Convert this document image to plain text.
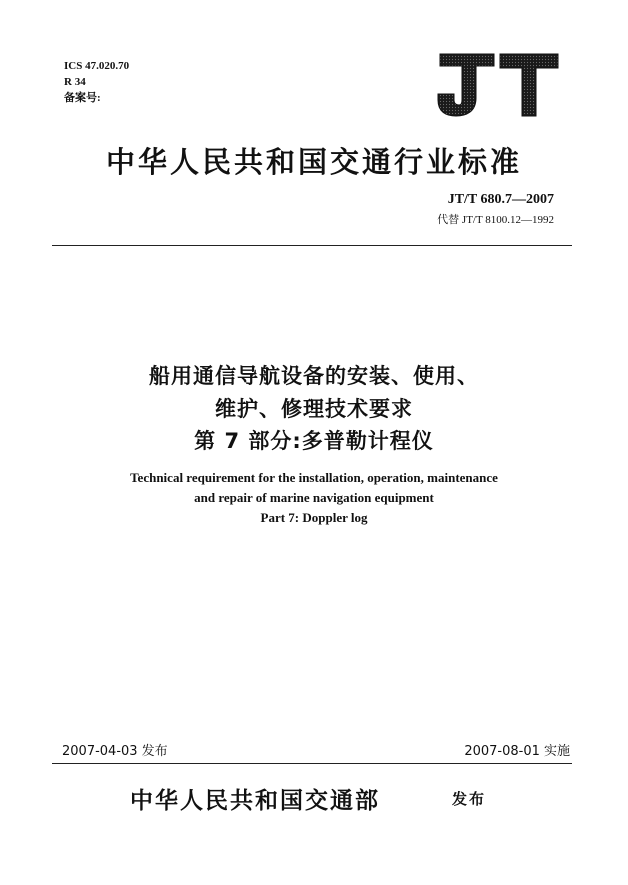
ICS 47.020.70
R 34
备案号:
中华人民共和国交通行业标准
JT/T 680.7—2007
代替 JT/T 8100.12—1992
船用通信导航设备的安装、使用、
维护、修理技术要求
第 7 部分:多普勒计程仪
Technical requirement for the installation, operation, maintenance
and repair of marine navigation equipment
Part 7: Doppler log
2007-04-03 发布	2007-08-01 实施
中华人民共和国交通部	发布
